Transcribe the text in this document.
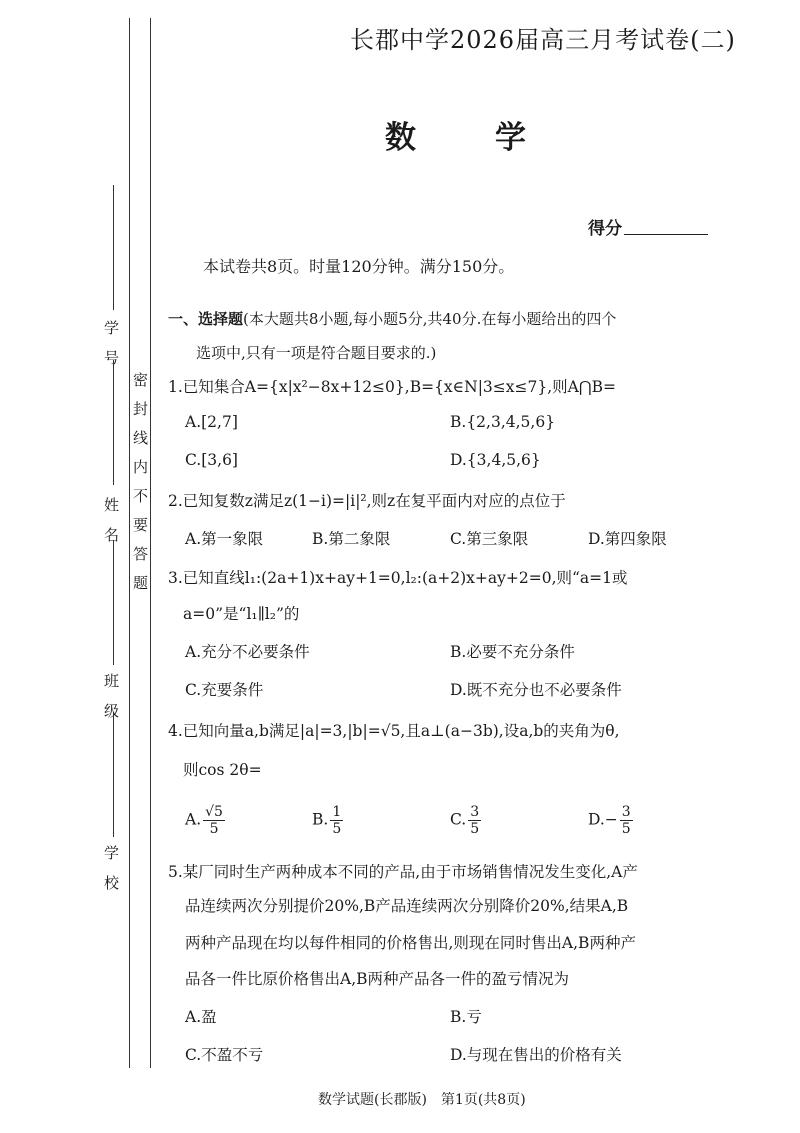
密封线内不要答题
学　号
姓　名
班　级
学　校
长郡中学2026届高三月考试卷(二)
数　学
得分
本试卷共8页。时量120分钟。满分150分。
一、选择题(本大题共8小题,每小题5分,共40分.在每小题给出的四个
选项中,只有一项是符合题目要求的.)
1.已知集合A={x|x²−8x+12≤0},B={x∈N|3≤x≤7},则A⋂B=
A.[2,7]	B.{2,3,4,5,6}
C.[3,6]	D.{3,4,5,6}
2.已知复数z满足z(1−i)=|i|²,则z在复平面内对应的点位于
A.第一象限	B.第二象限	C.第三象限	D.第四象限
3.已知直线l₁:(2a+1)x+ay+1=0,l₂:(a+2)x+ay+2=0,则“a=1或
a=0”是“l₁∥l₂”的
A.充分不必要条件	B.必要不充分条件
C.充要条件	D.既不充分也不必要条件
4.已知向量a,b满足|a|=3,|b|=√5,且a⊥(a−3b),设a,b的夹角为θ,
则cos 2θ=
A. $\frac{√5}{5}$	B. $\frac{1}{5}$	C. $\frac{3}{5}$	$D.- \frac{3}{5}$
5.某厂同时生产两种成本不同的产品,由于市场销售情况发生变化,A产
品连续两次分别提价20%,B产品连续两次分别降价20%,结果A,B
两种产品现在均以每件相同的价格售出,则现在同时售出A,B两种产
品各一件比原价格售出A,B两种产品各一件的盈亏情况为
A.盈	B.亏
C.不盈不亏	D.与现在售出的价格有关
数学试题(长郡版)　第1页(共8页)
